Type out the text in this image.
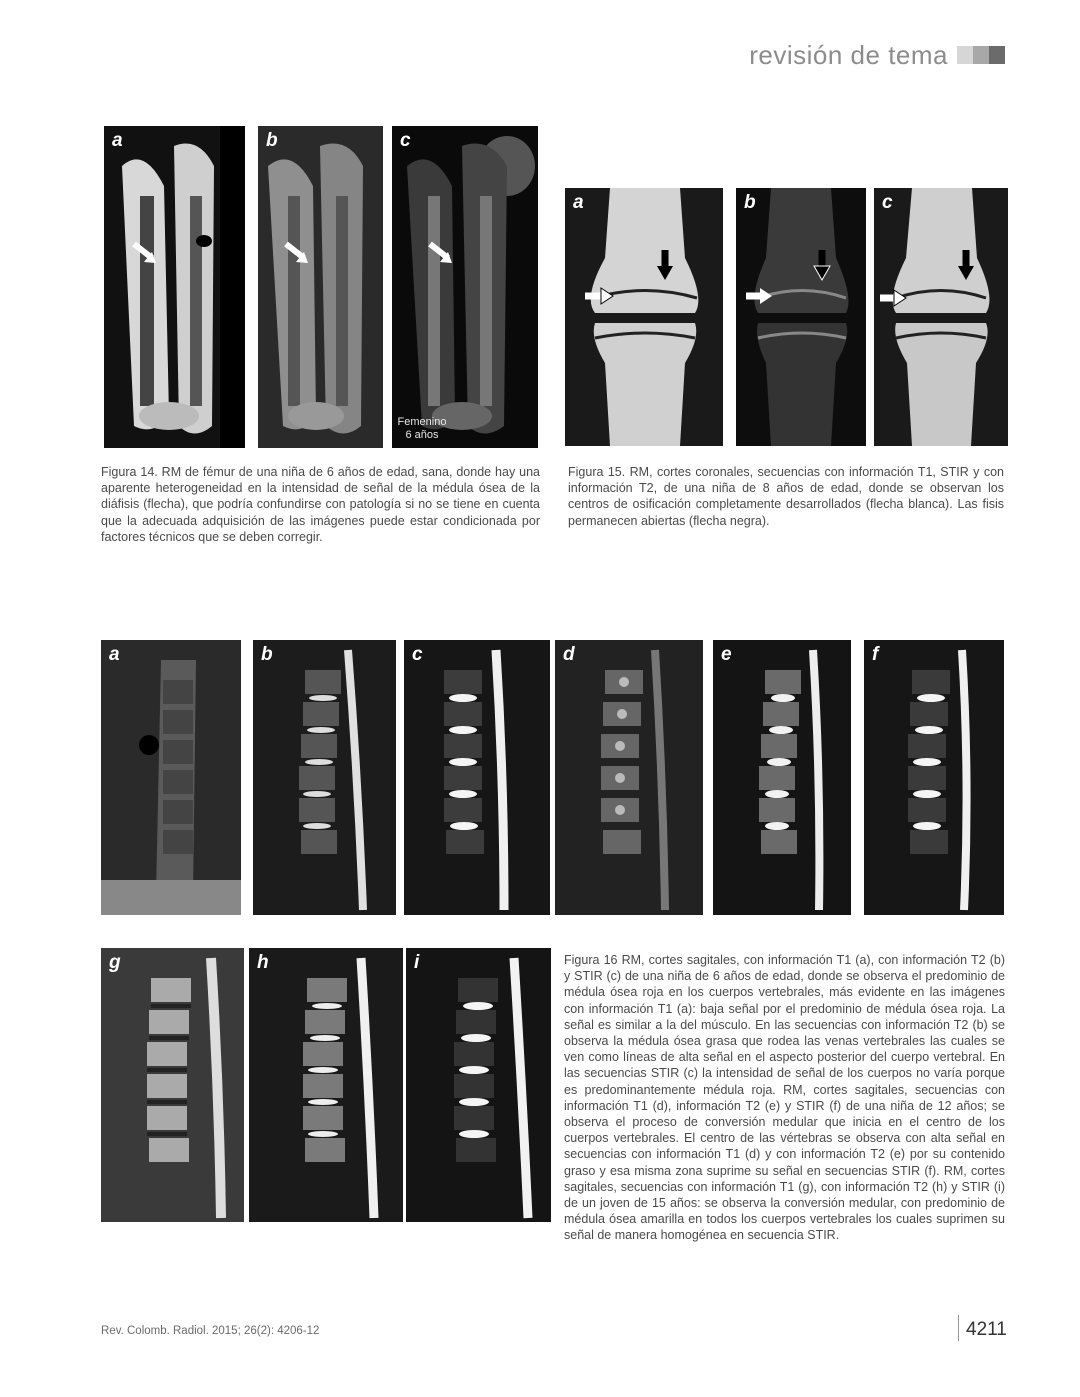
revisión de tema
a	b	c
Femenino
6 años
Figura 14. RM de fémur de una niña de 6 años de edad, sana, donde hay una aparente heterogeneidad en la intensidad de señal de la médula ósea de la diáfisis (flecha), que podría confundirse con patología si no se tiene en cuenta que la adecuada adquisición de las imágenes puede estar condicionada por factores técnicos que se deben corregir.
a	b	c
Figura 15. RM, cortes coronales, secuencias con información T1, STIR y con información T2, de una niña de 8 años de edad, donde se observan los centros de osificación completamente desarrollados (flecha blanca). Las fisis permanecen abiertas (flecha negra).
a	b	c	d	e	f
g	h	i	Figura 16 RM, cortes sagitales, con información T1 (a), con información T2 (b) y STIR (c) de una niña de 6 años de edad, donde se observa el predominio de médula ósea roja en los cuerpos vertebrales, más evidente en las imágenes con información T1 (a): baja señal por el predominio de médula ósea roja. La señal es similar a la del músculo. En las secuencias con información T2 (b) se observa la médula ósea grasa que rodea las venas vertebrales las cuales se ven como líneas de alta señal en el aspecto posterior del cuerpo vertebral. En las secuencias STIR (c) la intensidad de señal de los cuerpos no varía porque es predominantemente médula roja. RM, cortes sagitales, secuencias con información T1 (d), información T2 (e) y STIR (f) de una niña de 12 años; se observa el proceso de conversión medular que inicia en el centro de los cuerpos vertebrales. El centro de las vértebras se observa con alta señal en secuencias con información T1 (d) y con información T2 (e) por su contenido graso y esa misma zona suprime su señal en secuencias STIR (f). RM, cortes sagitales, secuencias con información T1 (g), con información T2 (h) y STIR (i) de un joven de 15 años: se observa la conversión medular, con predominio de médula ósea amarilla en todos los cuerpos vertebrales los cuales suprimen su señal de manera homogénea en secuencia STIR.
Rev. Colomb. Radiol. 2015; 26(2): 4206-12	4211
